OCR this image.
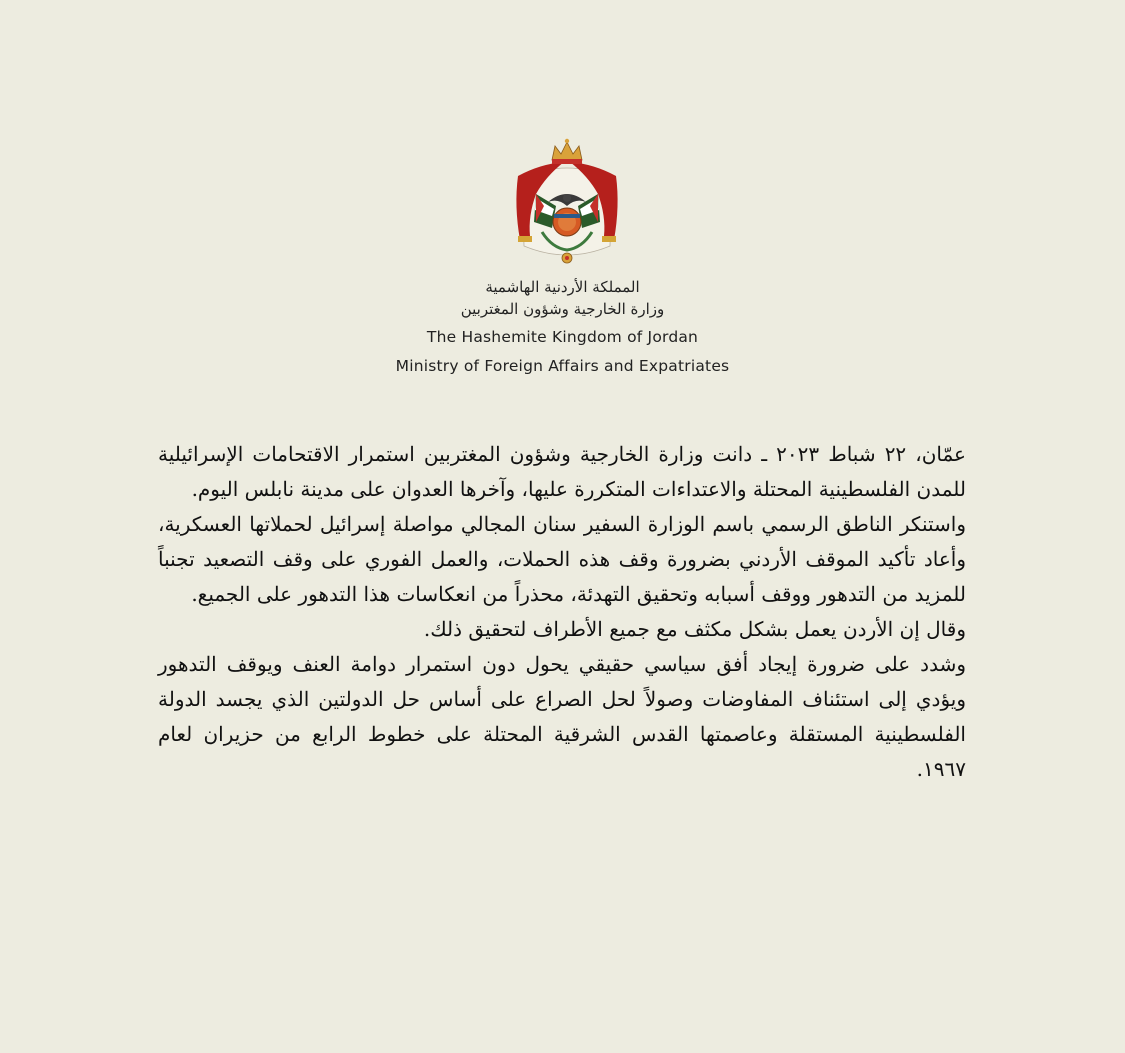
المملكة الأردنية الهاشمية
وزارة الخارجية وشؤون المغتربين
The Hashemite Kingdom of Jordan
Ministry of Foreign Affairs and Expatriates

عمّان، ٢٢ شباط ٢٠٢٣ ـ دانت وزارة الخارجية وشؤون المغتربين استمرار الاقتحامات الإسرائيلية للمدن الفلسطينية المحتلة والاعتداءات المتكررة عليها، وآخرها العدوان على مدينة نابلس اليوم.

واستنكر الناطق الرسمي باسم الوزارة السفير سنان المجالي مواصلة إسرائيل لحملاتها العسكرية، وأعاد تأكيد الموقف الأردني بضرورة وقف هذه الحملات، والعمل الفوري على وقف التصعيد تجنباً للمزيد من التدهور ووقف أسبابه وتحقيق التهدئة، محذراً من انعكاسات هذا التدهور على الجميع.

وقال إن الأردن يعمل بشكل مكثف مع جميع الأطراف لتحقيق ذلك.

وشدد على ضرورة إيجاد أفق سياسي حقيقي يحول دون استمرار دوامة العنف ويوقف التدهور ويؤدي إلى استئناف المفاوضات وصولاً لحل الصراع على أساس حل الدولتين الذي يجسد الدولة الفلسطينية المستقلة وعاصمتها القدس الشرقية المحتلة على خطوط الرابع من حزيران لعام ١٩٦٧.
